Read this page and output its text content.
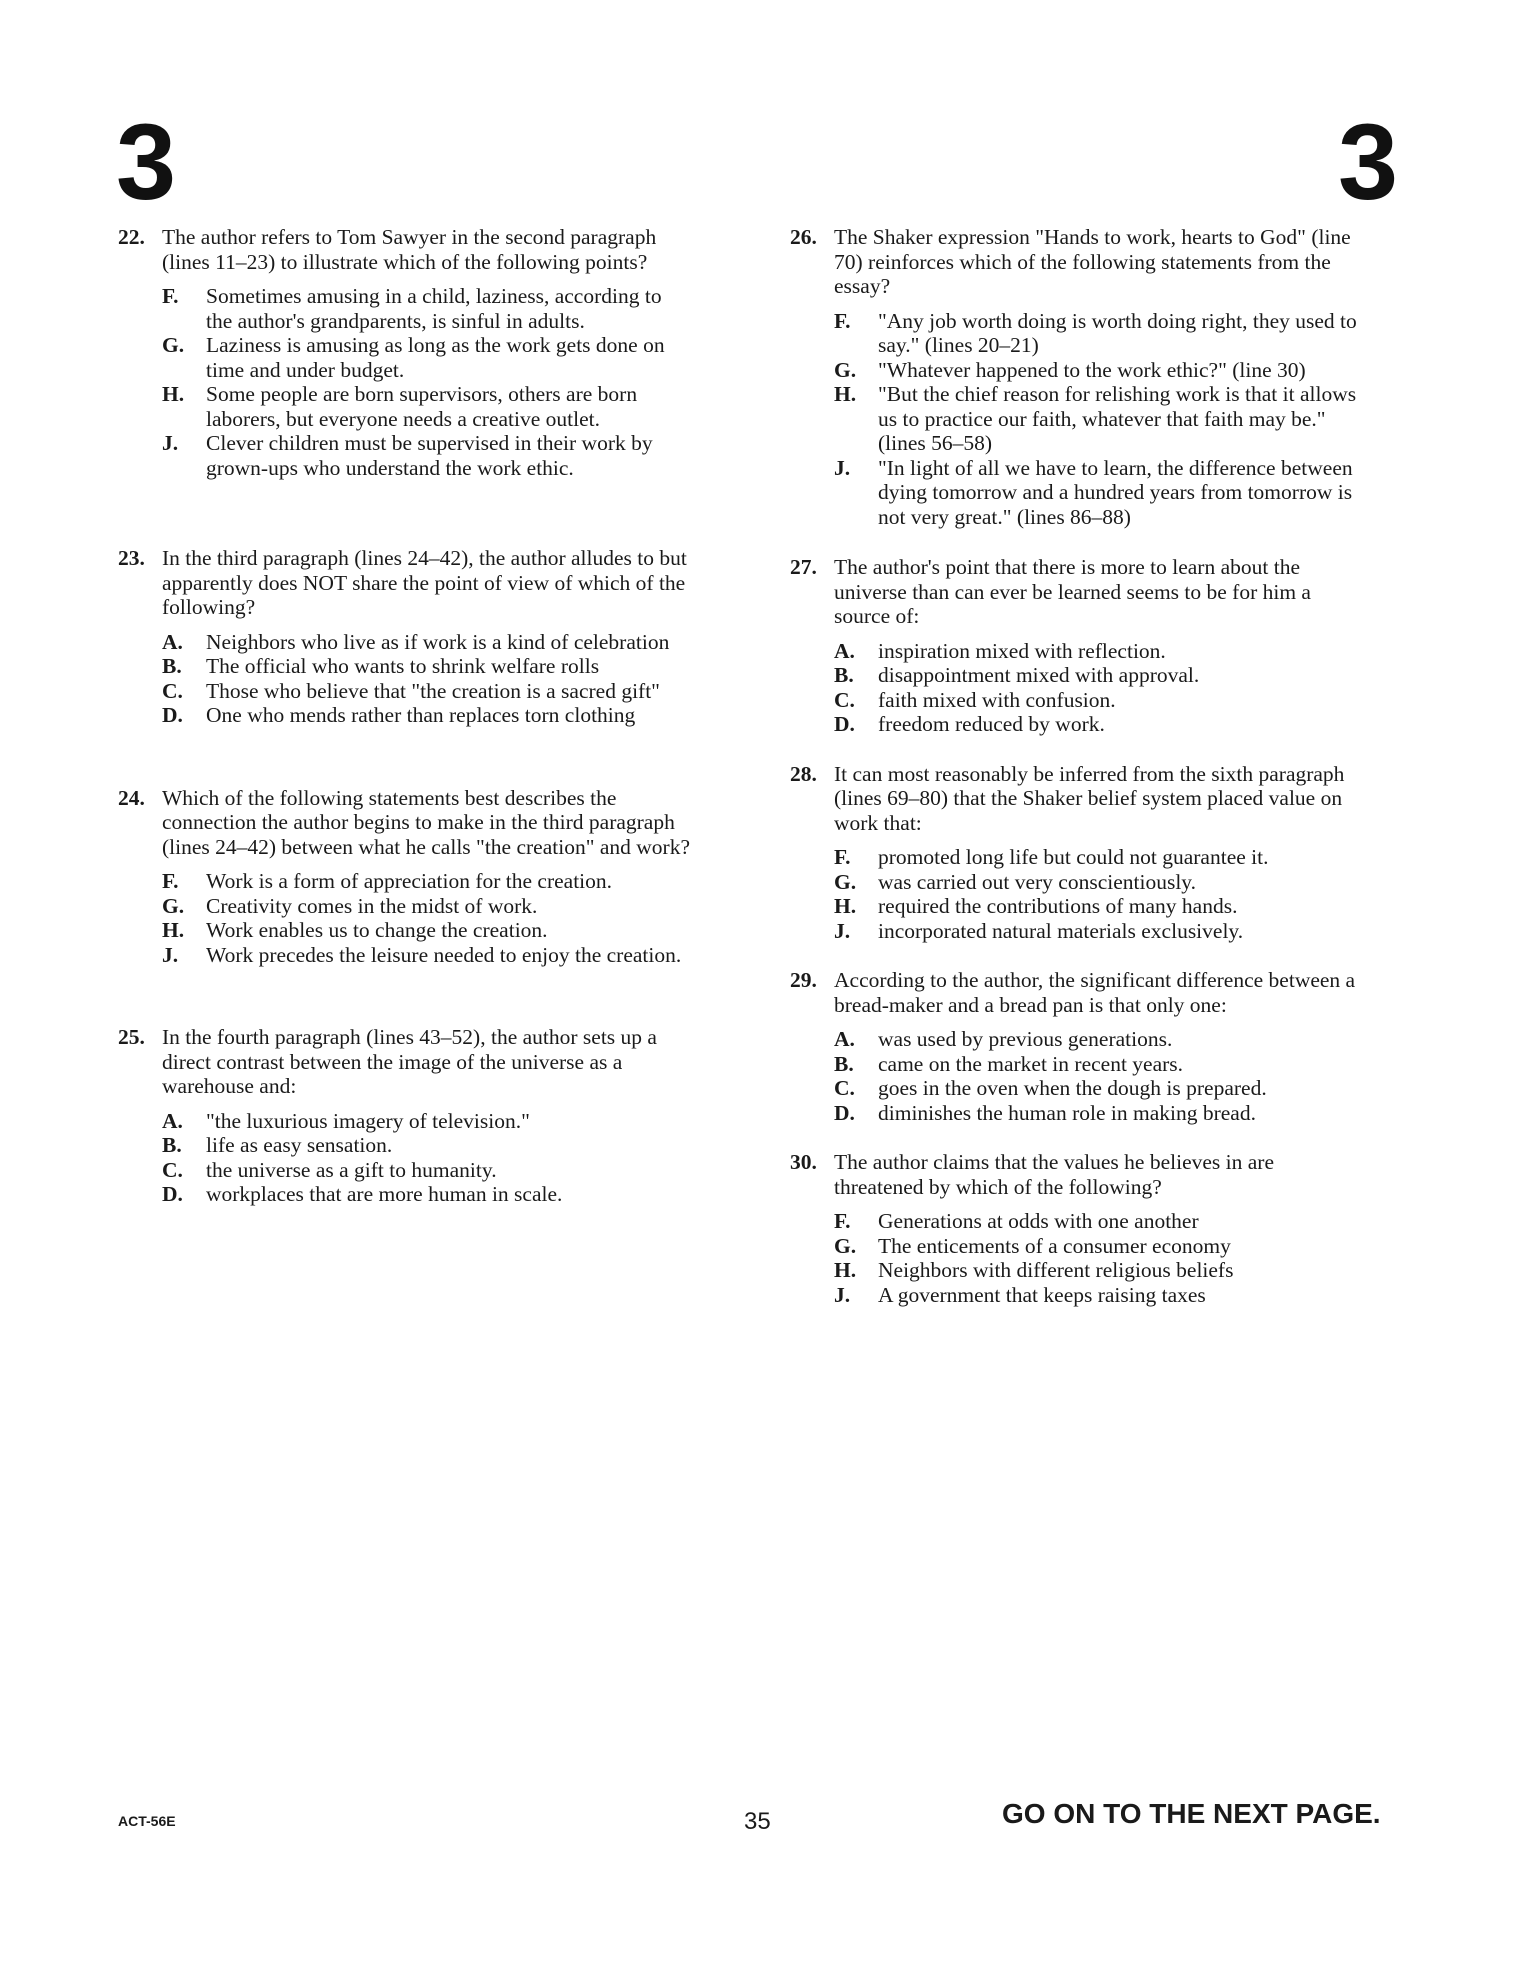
3	3
22. The author refers to Tom Sawyer in the second paragraph (lines 11–23) to illustrate which of the following points?

F. Sometimes amusing in a child, laziness, according to the author's grandparents, is sinful in adults.
G. Laziness is amusing as long as the work gets done on time and under budget.
H. Some people are born supervisors, others are born laborers, but everyone needs a creative outlet.
J. Clever children must be supervised in their work by grown-ups who understand the work ethic.
23. In the third paragraph (lines 24–42), the author alludes to but apparently does NOT share the point of view of which of the following?

A. Neighbors who live as if work is a kind of celebration
B. The official who wants to shrink welfare rolls
C. Those who believe that "the creation is a sacred gift"
D. One who mends rather than replaces torn clothing
24. Which of the following statements best describes the connection the author begins to make in the third paragraph (lines 24–42) between what he calls "the creation" and work?

F. Work is a form of appreciation for the creation.
G. Creativity comes in the midst of work.
H. Work enables us to change the creation.
J. Work precedes the leisure needed to enjoy the creation.
25. In the fourth paragraph (lines 43–52), the author sets up a direct contrast between the image of the universe as a warehouse and:

A. "the luxurious imagery of television."
B. life as easy sensation.
C. the universe as a gift to humanity.
D. workplaces that are more human in scale.
26. The Shaker expression "Hands to work, hearts to God" (line 70) reinforces which of the following statements from the essay?

F. "Any job worth doing is worth doing right, they used to say." (lines 20–21)
G. "Whatever happened to the work ethic?" (line 30)
H. "But the chief reason for relishing work is that it allows us to practice our faith, whatever that faith may be." (lines 56–58)
J. "In light of all we have to learn, the difference between dying tomorrow and a hundred years from tomorrow is not very great." (lines 86–88)
27. The author's point that there is more to learn about the universe than can ever be learned seems to be for him a source of:

A. inspiration mixed with reflection.
B. disappointment mixed with approval.
C. faith mixed with confusion.
D. freedom reduced by work.
28. It can most reasonably be inferred from the sixth paragraph (lines 69–80) that the Shaker belief system placed value on work that:

F. promoted long life but could not guarantee it.
G. was carried out very conscientiously.
H. required the contributions of many hands.
J. incorporated natural materials exclusively.
29. According to the author, the significant difference between a bread-maker and a bread pan is that only one:

A. was used by previous generations.
B. came on the market in recent years.
C. goes in the oven when the dough is prepared.
D. diminishes the human role in making bread.
30. The author claims that the values he believes in are threatened by which of the following?

F. Generations at odds with one another
G. The enticements of a consumer economy
H. Neighbors with different religious beliefs
J. A government that keeps raising taxes
ACT-56E	35	GO ON TO THE NEXT PAGE.
